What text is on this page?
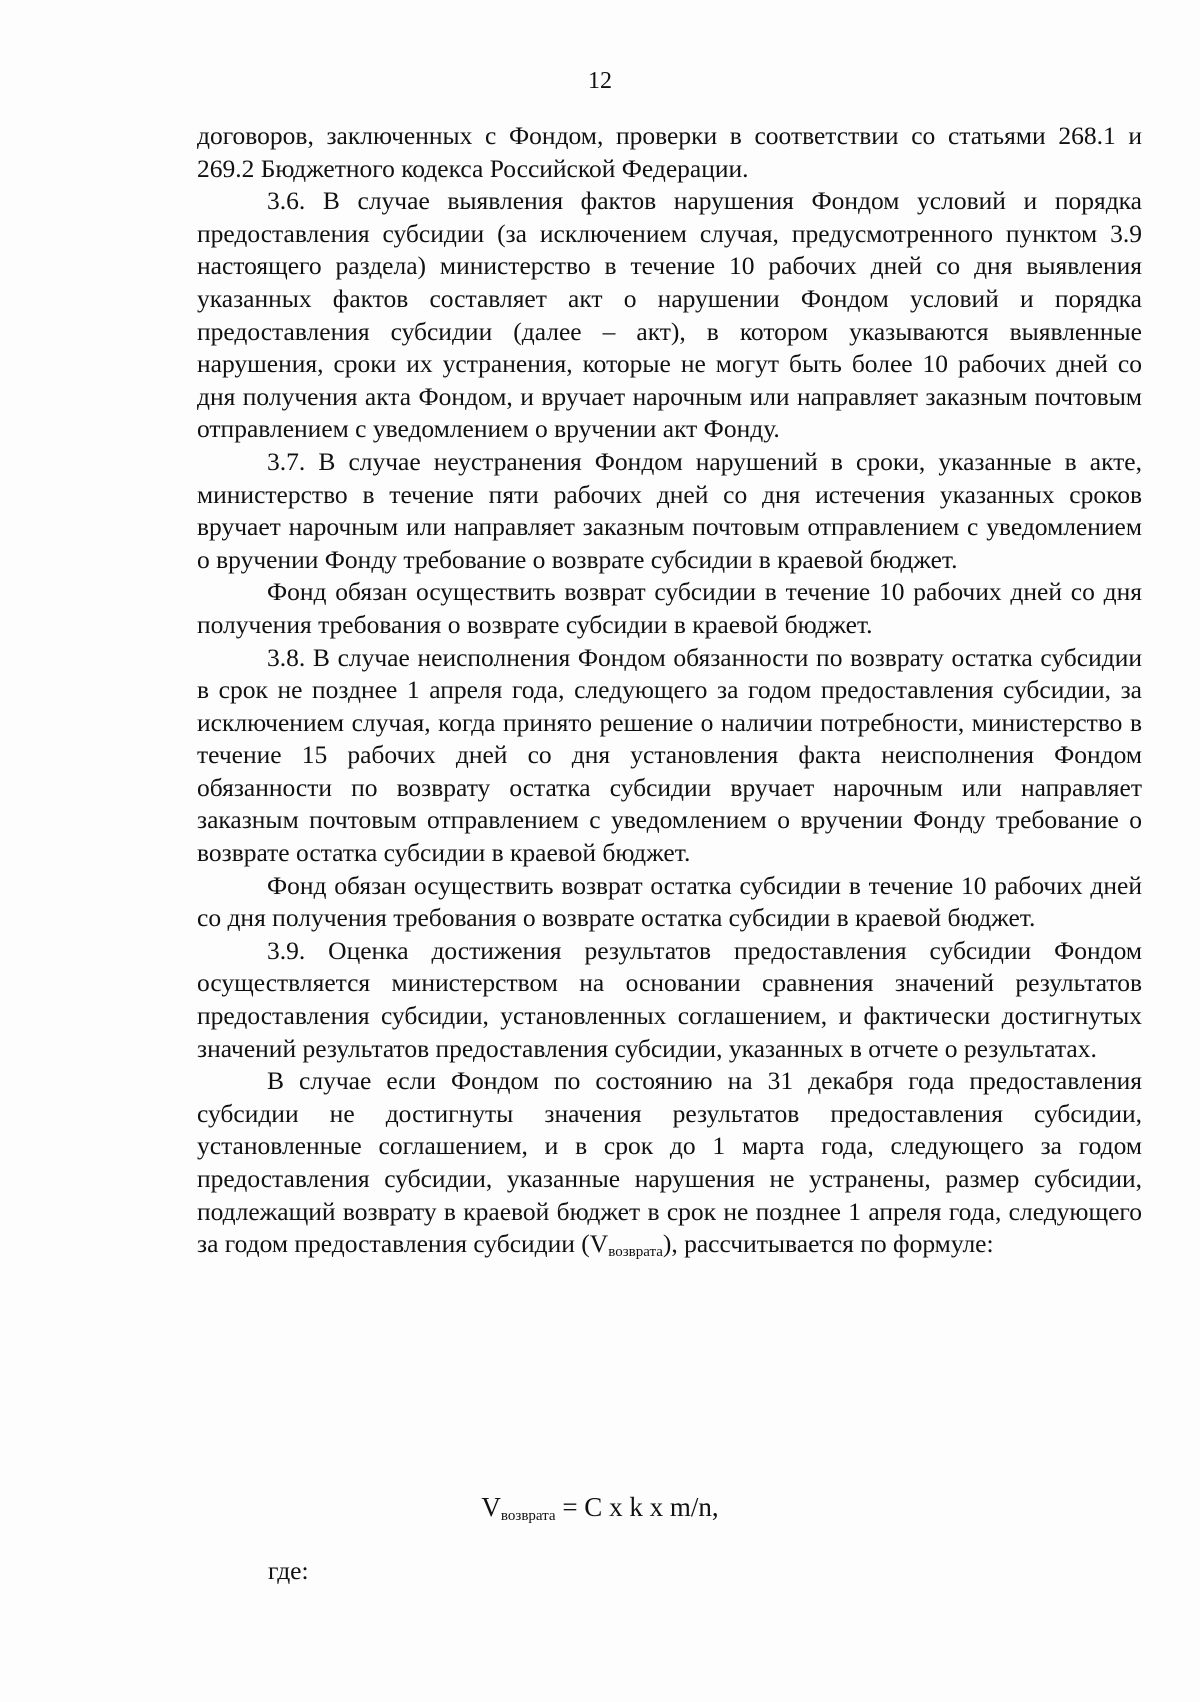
12

договоров, заключенных с Фондом, проверки в соответствии со статьями 268.1 и 269.2 Бюджетного кодекса Российской Федерации.

3.6. В случае выявления фактов нарушения Фондом условий и порядка предоставления субсидии (за исключением случая, предусмотренного пунктом 3.9 настоящего раздела) министерство в течение 10 рабочих дней со дня выявления указанных фактов составляет акт о нарушении Фондом условий и порядка предоставления субсидии (далее – акт), в котором указываются выявленные нарушения, сроки их устранения, которые не могут быть более 10 рабочих дней со дня получения акта Фондом, и вручает нарочным или направляет заказным почтовым отправлением с уведомлением о вручении акт Фонду.

3.7. В случае неустранения Фондом нарушений в сроки, указанные в акте, министерство в течение пяти рабочих дней со дня истечения указанных сроков вручает нарочным или направляет заказным почтовым отправлением с уведомлением о вручении Фонду требование о возврате субсидии в краевой бюджет.

Фонд обязан осуществить возврат субсидии в течение 10 рабочих дней со дня получения требования о возврате субсидии в краевой бюджет.

3.8. В случае неисполнения Фондом обязанности по возврату остатка субсидии в срок не позднее 1 апреля года, следующего за годом предоставления субсидии, за исключением случая, когда принято решение о наличии потребности, министерство в течение 15 рабочих дней со дня установления факта неисполнения Фондом обязанности по возврату остатка субсидии вручает нарочным или направляет заказным почтовым отправлением с уведомлением о вручении Фонду требование о возврате остатка субсидии в краевой бюджет.

Фонд обязан осуществить возврат остатка субсидии в течение 10 рабочих дней со дня получения требования о возврате остатка субсидии в краевой бюджет.

3.9. Оценка достижения результатов предоставления субсидии Фондом осуществляется министерством на основании сравнения значений результатов предоставления субсидии, установленных соглашением, и фактически достигнутых значений результатов предоставления субсидии, указанных в отчете о результатах.

В случае если Фондом по состоянию на 31 декабря года предоставления субсидии не достигнуты значения результатов предоставления субсидии, установленные соглашением, и в срок до 1 марта года, следующего за годом предоставления субсидии, указанные нарушения не устранены, размер субсидии, подлежащий возврату в краевой бюджет в срок не позднее 1 апреля года, следующего за годом предоставления субсидии (Vвозврата), рассчитывается по формуле:

$V_{возврата} = C$ x k x m/n,
где:
